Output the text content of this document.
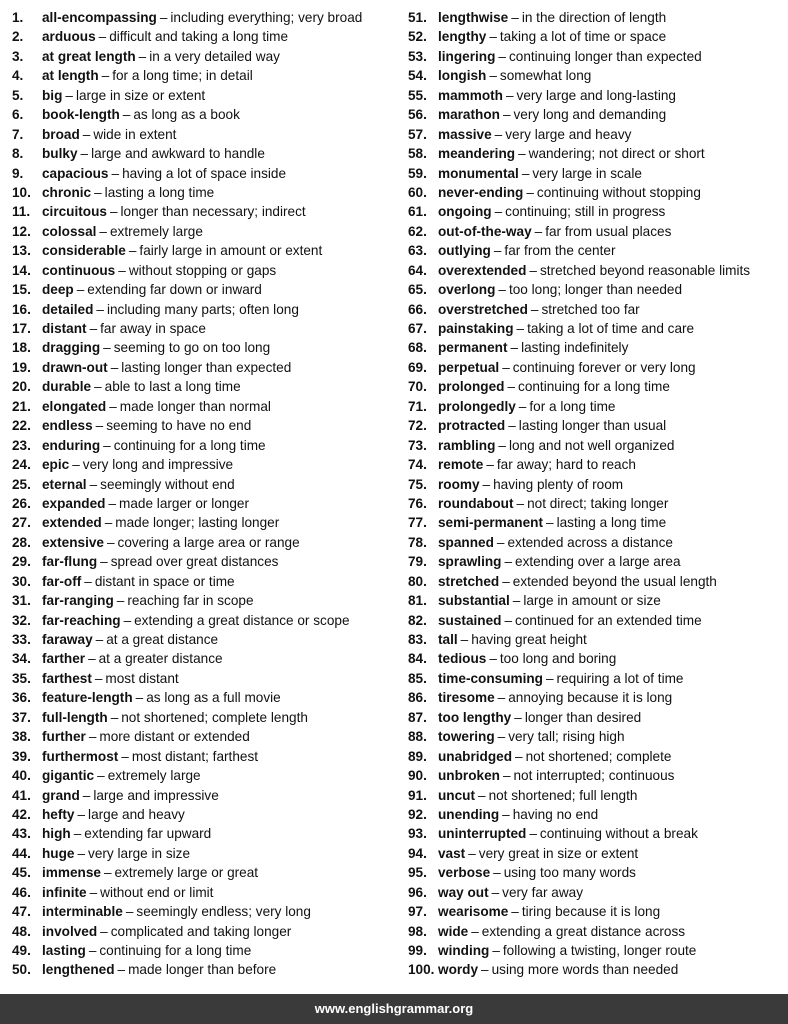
1.	all-encompassing – including everything; very broad
2.	arduous – difficult and taking a long time
3.	at great length – in a very detailed way
4.	at length – for a long time; in detail
5.	big – large in size or extent
6.	book-length – as long as a book
7.	broad – wide in extent
8.	bulky – large and awkward to handle
9.	capacious – having a lot of space inside
10. chronic – lasting a long time
11. circuitous – longer than necessary; indirect
12. colossal – extremely large
13. considerable – fairly large in amount or extent
14. continuous – without stopping or gaps
15. deep – extending far down or inward
16. detailed – including many parts; often long
17. distant – far away in space
18. dragging – seeming to go on too long
19. drawn-out – lasting longer than expected
20. durable – able to last a long time
21. elongated – made longer than normal
22. endless – seeming to have no end
23. enduring – continuing for a long time
24. epic – very long and impressive
25. eternal – seemingly without end
26. expanded – made larger or longer
27. extended – made longer; lasting longer
28. extensive – covering a large area or range
29. far-flung – spread over great distances
30. far-off – distant in space or time
31. far-ranging – reaching far in scope
32. far-reaching – extending a great distance or scope
33. faraway – at a great distance
34. farther – at a greater distance
35. farthest – most distant
36. feature-length – as long as a full movie
37. full-length – not shortened; complete length
38. further – more distant or extended
39. furthermost – most distant; farthest
40. gigantic – extremely large
41. grand – large and impressive
42. hefty – large and heavy
43. high – extending far upward
44. huge – very large in size
45. immense – extremely large or great
46. infinite – without end or limit
47. interminable – seemingly endless; very long
48. involved – complicated and taking longer
49. lasting – continuing for a long time
50. lengthened – made longer than before
51. lengthwise – in the direction of length
52. lengthy – taking a lot of time or space
53. lingering – continuing longer than expected
54. longish – somewhat long
55. mammoth – very large and long-lasting
56. marathon – very long and demanding
57. massive – very large and heavy
58. meandering – wandering; not direct or short
59. monumental – very large in scale
60. never-ending – continuing without stopping
61. ongoing – continuing; still in progress
62. out-of-the-way – far from usual places
63. outlying – far from the center
64. overextended – stretched beyond reasonable limits
65. overlong – too long; longer than needed
66. overstretched – stretched too far
67. painstaking – taking a lot of time and care
68. permanent – lasting indefinitely
69. perpetual – continuing forever or very long
70. prolonged – continuing for a long time
71. prolongedly – for a long time
72. protracted – lasting longer than usual
73. rambling – long and not well organized
74. remote – far away; hard to reach
75. roomy – having plenty of room
76. roundabout – not direct; taking longer
77. semi-permanent – lasting a long time
78. spanned – extended across a distance
79. sprawling – extending over a large area
80. stretched – extended beyond the usual length
81. substantial – large in amount or size
82. sustained – continued for an extended time
83. tall – having great height
84. tedious – too long and boring
85. time-consuming – requiring a lot of time
86. tiresome – annoying because it is long
87. too lengthy – longer than desired
88. towering – very tall; rising high
89. unabridged – not shortened; complete
90. unbroken – not interrupted; continuous
91. uncut – not shortened; full length
92. unending – having no end
93. uninterrupted – continuing without a break
94. vast – very great in size or extent
95. verbose – using too many words
96. way out – very far away
97. wearisome – tiring because it is long
98. wide – extending a great distance across
99. winding – following a twisting, longer route
100. wordy – using more words than needed
www.englishgrammar.org
